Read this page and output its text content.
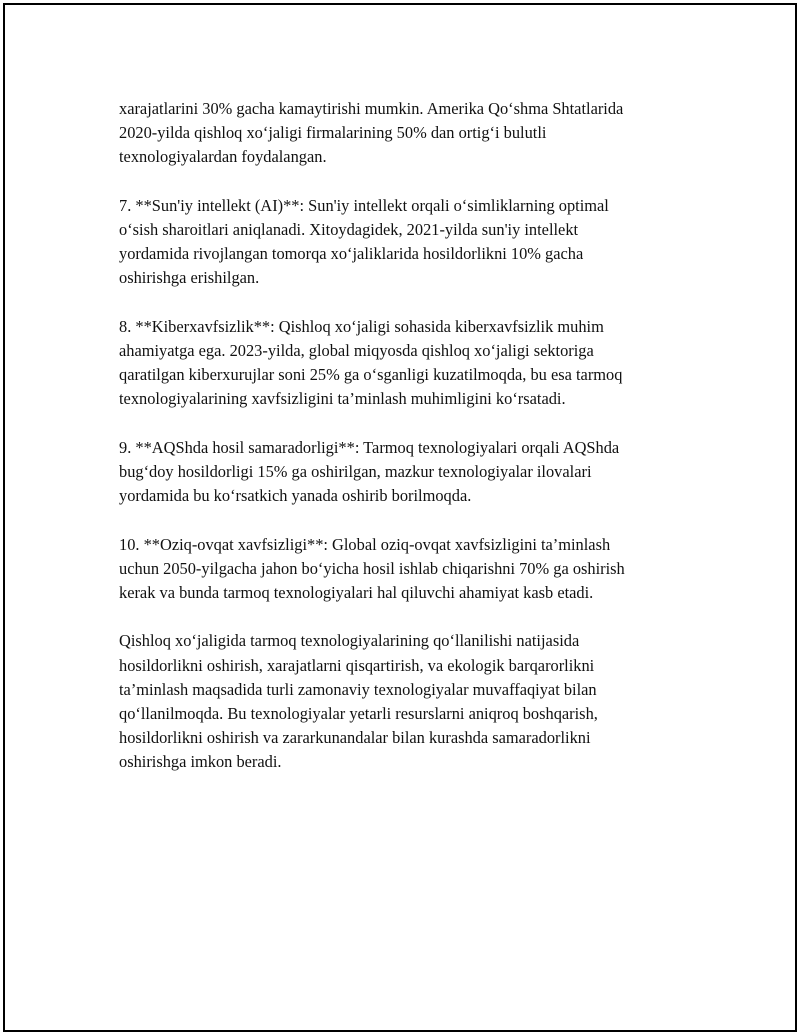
xarajatlarini 30% gacha kamaytirishi mumkin. Amerika Qo‘shma Shtatlarida
2020-yilda qishloq xo‘jaligi firmalarining 50% dan ortig‘i bulutli
texnologiyalardan foydalangan.

7. **Sun'iy intellekt (AI)**: Sun'iy intellekt orqali o‘simliklarning optimal
o‘sish sharoitlari aniqlanadi. Xitoydagidek, 2021-yilda sun'iy intellekt
yordamida rivojlangan tomorqa xo‘jaliklarida hosildorlikni 10% gacha
oshirishga erishilgan.

8. **Kiberxavfsizlik**: Qishloq xo‘jaligi sohasida kiberxavfsizlik muhim
ahamiyatga ega. 2023-yilda, global miqyosda qishloq xo‘jaligi sektoriga
qaratilgan kiberxurujlar soni 25% ga o‘sganligi kuzatilmoqda, bu esa tarmoq
texnologiyalarining xavfsizligini ta’minlash muhimligini ko‘rsatadi.

9. **AQShda hosil samaradorligi**: Tarmoq texnologiyalari orqali AQShda
bug‘doy hosildorligi 15% ga oshirilgan, mazkur texnologiyalar ilovalari
yordamida bu ko‘rsatkich yanada oshirib borilmoqda.

10. **Oziq-ovqat xavfsizligi**: Global oziq-ovqat xavfsizligini ta’minlash
uchun 2050-yilgacha jahon bo‘yicha hosil ishlab chiqarishni 70% ga oshirish
kerak va bunda tarmoq texnologiyalari hal qiluvchi ahamiyat kasb etadi.

Qishloq xo‘jaligida tarmoq texnologiyalarining qo‘llanilishi natijasida
hosildorlikni oshirish, xarajatlarni qisqartirish, va ekologik barqarorlikni
ta’minlash maqsadida turli zamonaviy texnologiyalar muvaffaqiyat bilan
qo‘llanilmoqda. Bu texnologiyalar yetarli resurslarni aniqroq boshqarish,
hosildorlikni oshirish va zararkunandalar bilan kurashda samaradorlikni
oshirishga imkon beradi.
